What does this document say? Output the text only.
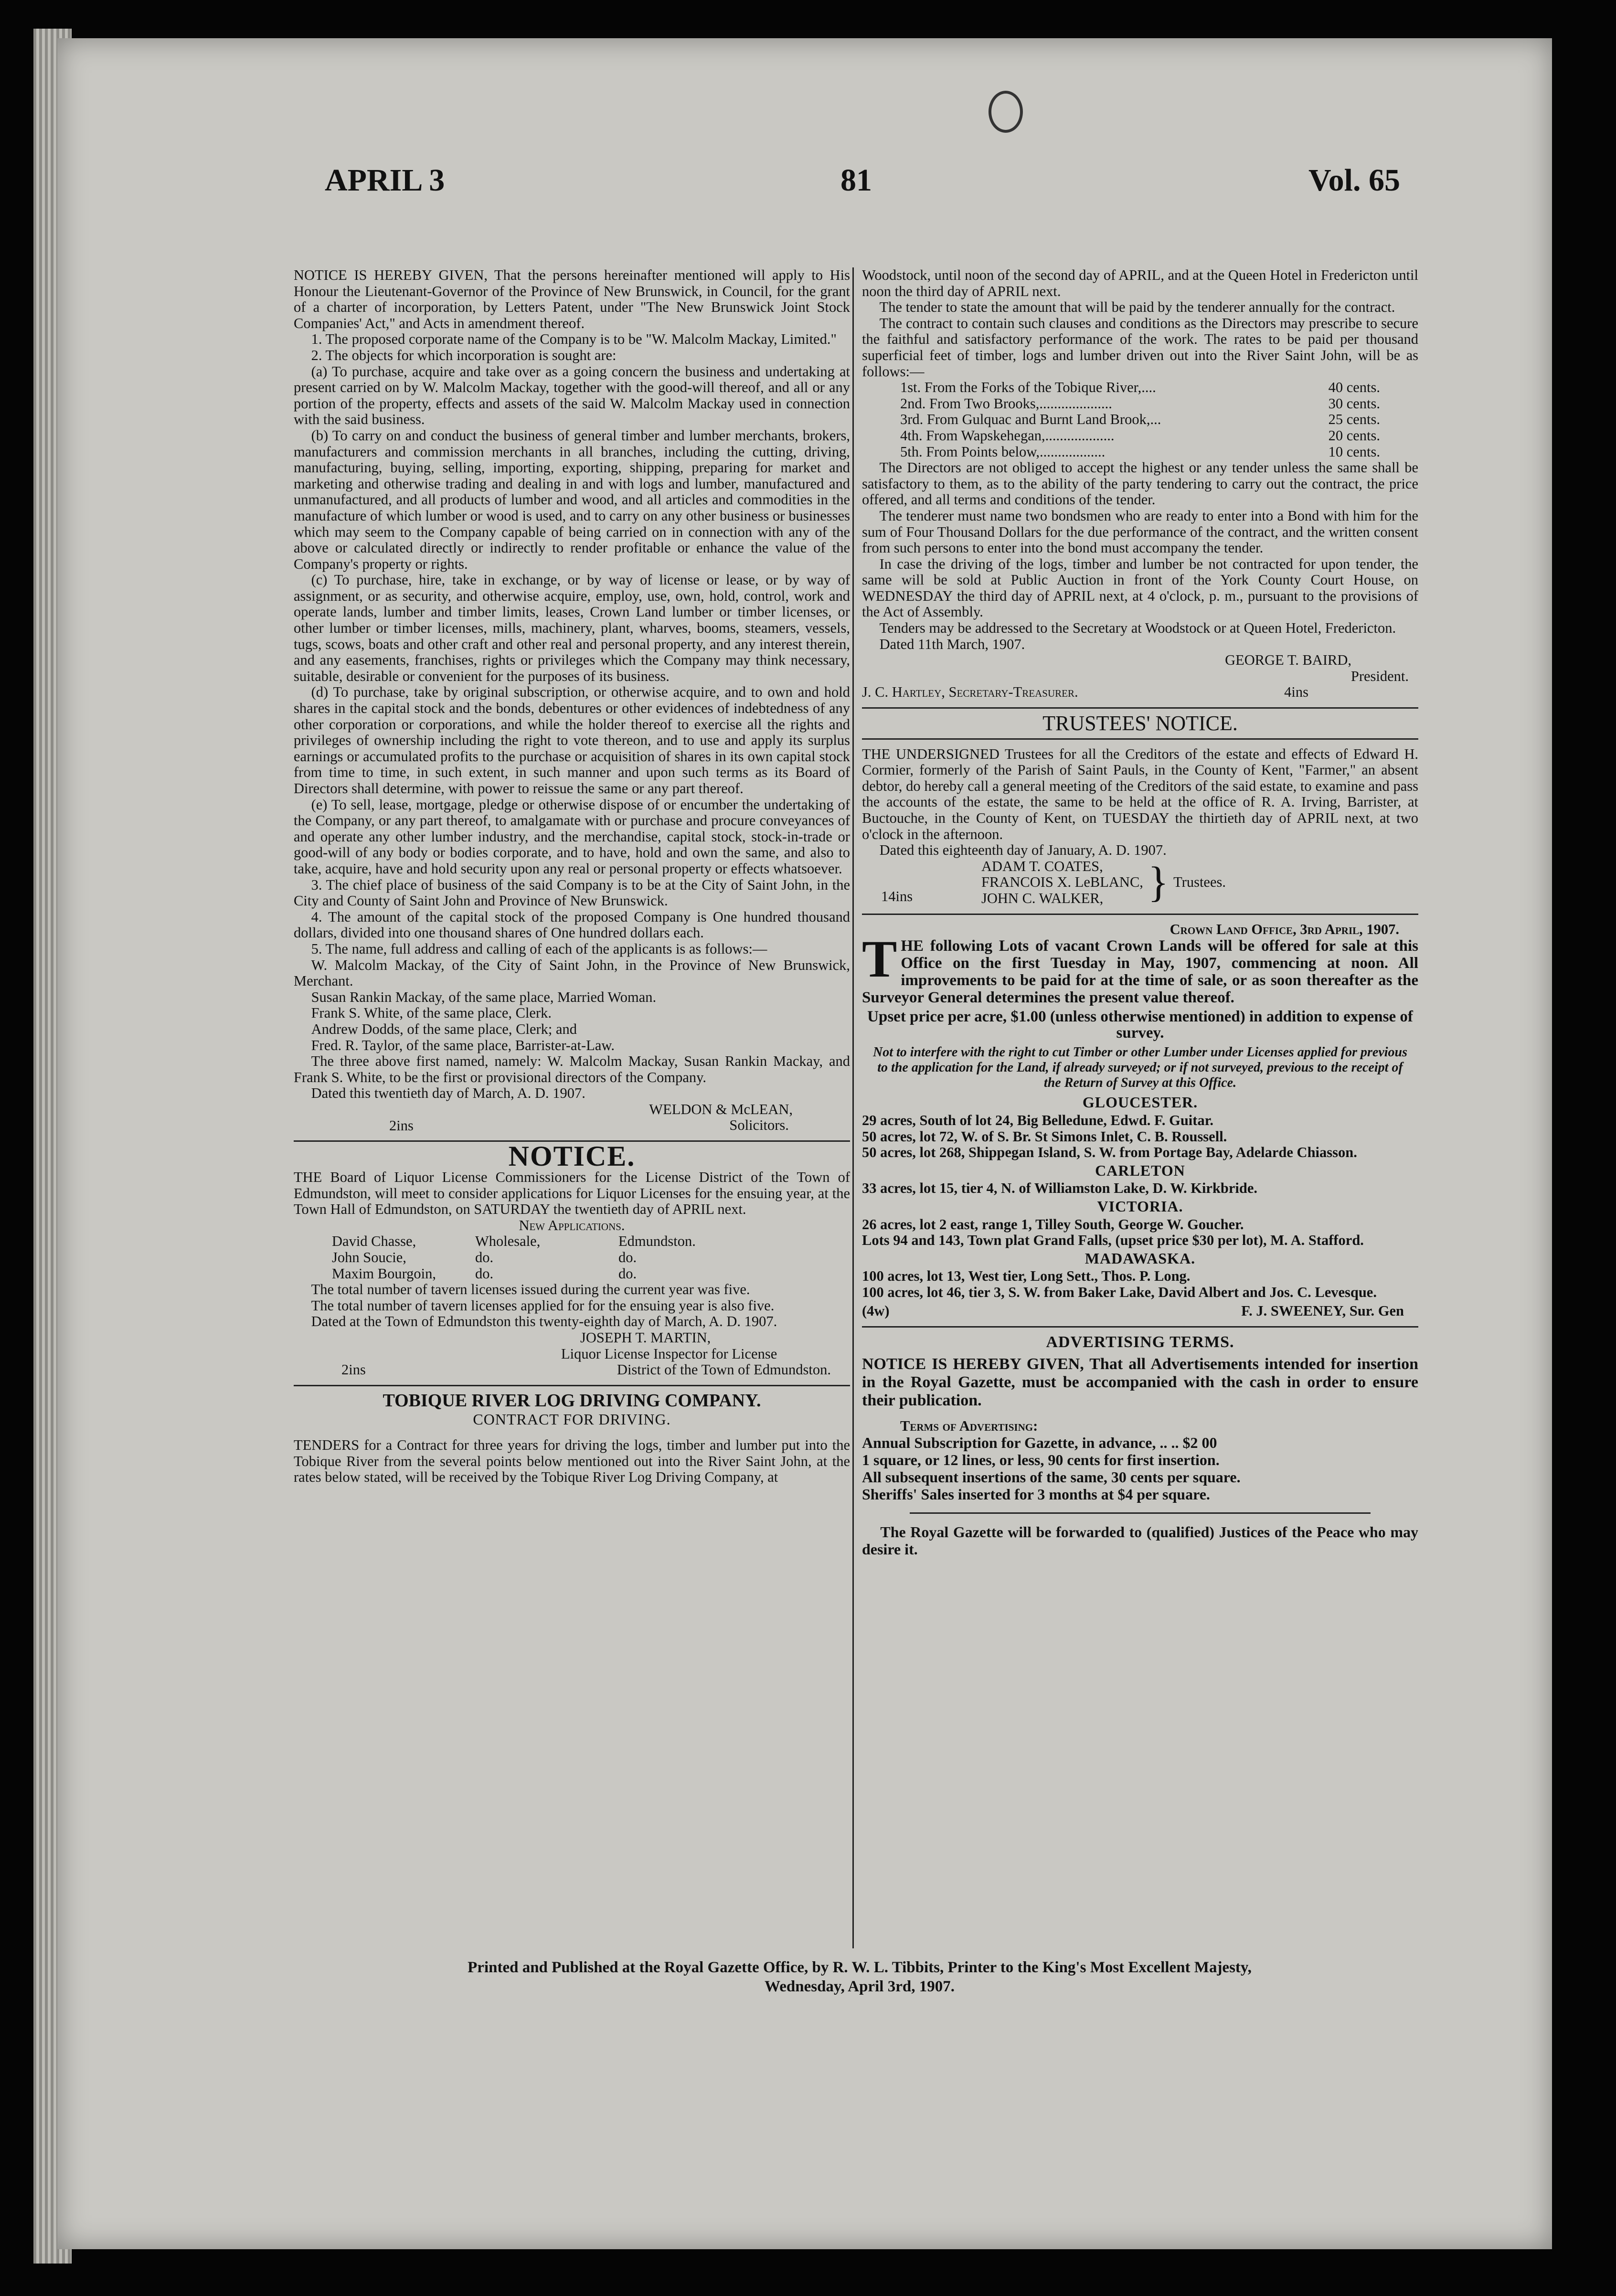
APRIL 3	81	Vol. 65

NOTICE IS HEREBY GIVEN, That the persons hereinafter mentioned will apply to His Honour the Lieutenant-Governor of the Province of New Brunswick, in Council, for the grant of a charter of incorporation, by Letters Patent, under "The New Brunswick Joint Stock Companies' Act," and Acts in amendment thereof.

1. The proposed corporate name of the Company is to be "W. Malcolm Mackay, Limited."

2. The objects for which incorporation is sought are:

(a) To purchase, acquire and take over as a going concern the business and undertaking at present carried on by W. Malcolm Mackay, together with the good-will thereof, and all or any portion of the property, effects and assets of the said W. Malcolm Mackay used in connection with the said business.

(b) To carry on and conduct the business of general timber and lumber merchants, brokers, manufacturers and commission merchants in all branches, including the cutting, driving, manufacturing, buying, selling, importing, exporting, shipping, preparing for market and marketing and otherwise trading and dealing in and with logs and lumber, manufactured and unmanufactured, and all products of lumber and wood, and all articles and commodities in the manufacture of which lumber or wood is used, and to carry on any other business or businesses which may seem to the Company capable of being carried on in connection with any of the above or calculated directly or indirectly to render profitable or enhance the value of the Company's property or rights.

(c) To purchase, hire, take in exchange, or by way of license or lease, or by way of assignment, or as security, and otherwise acquire, employ, use, own, hold, control, work and operate lands, lumber and timber limits, leases, Crown Land lumber or timber licenses, or other lumber or timber licenses, mills, machinery, plant, wharves, booms, steamers, vessels, tugs, scows, boats and other craft and other real and personal property, and any interest therein, and any easements, franchises, rights or privileges which the Company may think necessary, suitable, desirable or convenient for the purposes of its business.

(d) To purchase, take by original subscription, or otherwise acquire, and to own and hold shares in the capital stock and the bonds, debentures or other evidences of indebtedness of any other corporation or corporations, and while the holder thereof to exercise all the rights and privileges of ownership including the right to vote thereon, and to use and apply its surplus earnings or accumulated profits to the purchase or acquisition of shares in its own capital stock from time to time, in such extent, in such manner and upon such terms as its Board of Directors shall determine, with power to reissue the same or any part thereof.

(e) To sell, lease, mortgage, pledge or otherwise dispose of or encumber the undertaking of the Company, or any part thereof, to amalgamate with or purchase and procure conveyances of and operate any other lumber industry, and the merchandise, capital stock, stock-in-trade or good-will of any body or bodies corporate, and to have, hold and own the same, and also to take, acquire, have and hold security upon any real or personal property or effects whatsoever.

3. The chief place of business of the said Company is to be at the City of Saint John, in the City and County of Saint John and Province of New Brunswick.

4. The amount of the capital stock of the proposed Company is One hundred thousand dollars, divided into one thousand shares of One hundred dollars each.

5. The name, full address and calling of each of the applicants is as follows:—

W. Malcolm Mackay, of the City of Saint John, in the Province of New Brunswick, Merchant.

Susan Rankin Mackay, of the same place, Married Woman.

Frank S. White, of the same place, Clerk.

Andrew Dodds, of the same place, Clerk; and

Fred. R. Taylor, of the same place, Barrister-at-Law.

The three above first named, namely: W. Malcolm Mackay, Susan Rankin Mackay, and Frank S. White, to be the first or provisional directors of the Company.

Dated this twentieth day of March, A. D. 1907.

2ins
WELDON & McLEAN,
Solicitors.
NOTICE.

THE Board of Liquor License Commissioners for the License District of the Town of Edmundston, will meet to consider applications for Liquor Licenses for the ensuing year, at the Town Hall of Edmundston, on SATURDAY the twentieth day of APRIL next.

New Applications.
David Chasse,	Wholesale,	Edmundston.
John Soucie,	do.	do.
Maxim Bourgoin,	do.	do.

The total number of tavern licenses issued during the current year was five.

The total number of tavern licenses applied for for the ensuing year is also five.

Dated at the Town of Edmundston this twenty-eighth day of March, A. D. 1907.

JOSEPH T. MARTIN,
Liquor License Inspector for License
2ins	District of the Town of Edmundston.
TOBIQUE RIVER LOG DRIVING COMPANY.
CONTRACT FOR DRIVING.

TENDERS for a Contract for three years for driving the logs, timber and lumber put into the Tobique River from the several points below mentioned out into the River Saint John, at the rates below stated, will be received by the Tobique River Log Driving Company, at

Woodstock, until noon of the second day of APRIL, and at the Queen Hotel in Fredericton until noon the third day of APRIL next.

The tender to state the amount that will be paid by the tenderer annually for the contract.

The contract to contain such clauses and conditions as the Directors may prescribe to secure the faithful and satisfactory performance of the work. The rates to be paid per thousand superficial feet of timber, logs and lumber driven out into the River Saint John, will be as follows:—

1st. From the Forks of the Tobique River,....	40 cents.
2nd. From Two Brooks,....................	30 cents.
3rd. From Gulquac and Burnt Land Brook,...	25 cents.
4th. From Wapskehegan,...................	20 cents.
5th. From Points below,..................	10 cents.

The Directors are not obliged to accept the highest or any tender unless the same shall be satisfactory to them, as to the ability of the party tendering to carry out the contract, the price offered, and all terms and conditions of the tender.

The tenderer must name two bondsmen who are ready to enter into a Bond with him for the sum of Four Thousand Dollars for the due performance of the contract, and the written consent from such persons to enter into the bond must accompany the tender.

In case the driving of the logs, timber and lumber be not contracted for upon tender, the same will be sold at Public Auction in front of the York County Court House, on WEDNESDAY the third day of APRIL next, at 4 o'clock, p. m., pursuant to the provisions of the Act of Assembly.

Tenders may be addressed to the Secretary at Woodstock or at Queen Hotel, Fredericton.

Dated 11th March, 1907.

GEORGE T. BAIRD,
President.
J. C. Hartley, Secretary-Treasurer.	4ins
TRUSTEES' NOTICE.

THE UNDERSIGNED Trustees for all the Creditors of the estate and effects of Edward H. Cormier, formerly of the Parish of Saint Pauls, in the County of Kent, "Farmer," an absent debtor, do hereby call a general meeting of the Creditors of the said estate, to examine and pass the accounts of the estate, the same to be held at the office of R. A. Irving, Barrister, at Buctouche, in the County of Kent, on TUESDAY the thirtieth day of APRIL next, at two o'clock in the afternoon.

Dated this eighteenth day of January, A. D. 1907.

14ins
ADAM T. COATES,
FRANCOIS X. LeBLANC,
JOHN C. WALKER,	} Trustees.
Crown Land Office, 3rd April, 1907.
T HE following Lots of vacant Crown Lands will be offered for sale at this Office on the first Tuesday in May, 1907, commencing at noon. All improvements to be paid for at the time of sale, or as soon thereafter as the Surveyor General determines the present value thereof.
Upset price per acre, $1.00 (unless otherwise mentioned) in addition to expense of survey.
Not to interfere with the right to cut Timber or other Lumber under Licenses applied for previous to the application for the Land, if already surveyed; or if not surveyed, previous to the receipt of the Return of Survey at this Office.
GLOUCESTER.

29 acres, South of lot 24, Big Belledune, Edwd. F. Guitar.

50 acres, lot 72, W. of S. Br. St Simons Inlet, C. B. Roussell.

50 acres, lot 268, Shippegan Island, S. W. from Portage Bay, Adelarde Chiasson.

CARLETON

33 acres, lot 15, tier 4, N. of Williamston Lake, D. W. Kirkbride.

VICTORIA.

26 acres, lot 2 east, range 1, Tilley South, George W. Goucher.

Lots 94 and 143, Town plat Grand Falls, (upset price $30 per lot), M. A. Stafford.

MADAWASKA.

100 acres, lot 13, West tier, Long Sett., Thos. P. Long.

100 acres, lot 46, tier 3, S. W. from Baker Lake, David Albert and Jos. C. Levesque.

(4w)	F. J. SWEENEY, Sur. Gen
ADVERTISING TERMS.

NOTICE IS HEREBY GIVEN, That all Advertisements intended for insertion in the Royal Gazette, must be accompanied with the cash in order to ensure their publication.

Terms of Advertising:
Annual Subscription for Gazette, in advance, .. .. $2 00
1 square, or 12 lines, or less, 90 cents for first insertion.
All subsequent insertions of the same, 30 cents per square.
Sheriffs' Sales inserted for 3 months at $4 per square.

The Royal Gazette will be forwarded to (qualified) Justices of the Peace who may desire it.

Printed and Published at the Royal Gazette Office, by R. W. L. Tibbits, Printer to the King's Most Excellent Majesty,
Wednesday, April 3rd, 1907.
